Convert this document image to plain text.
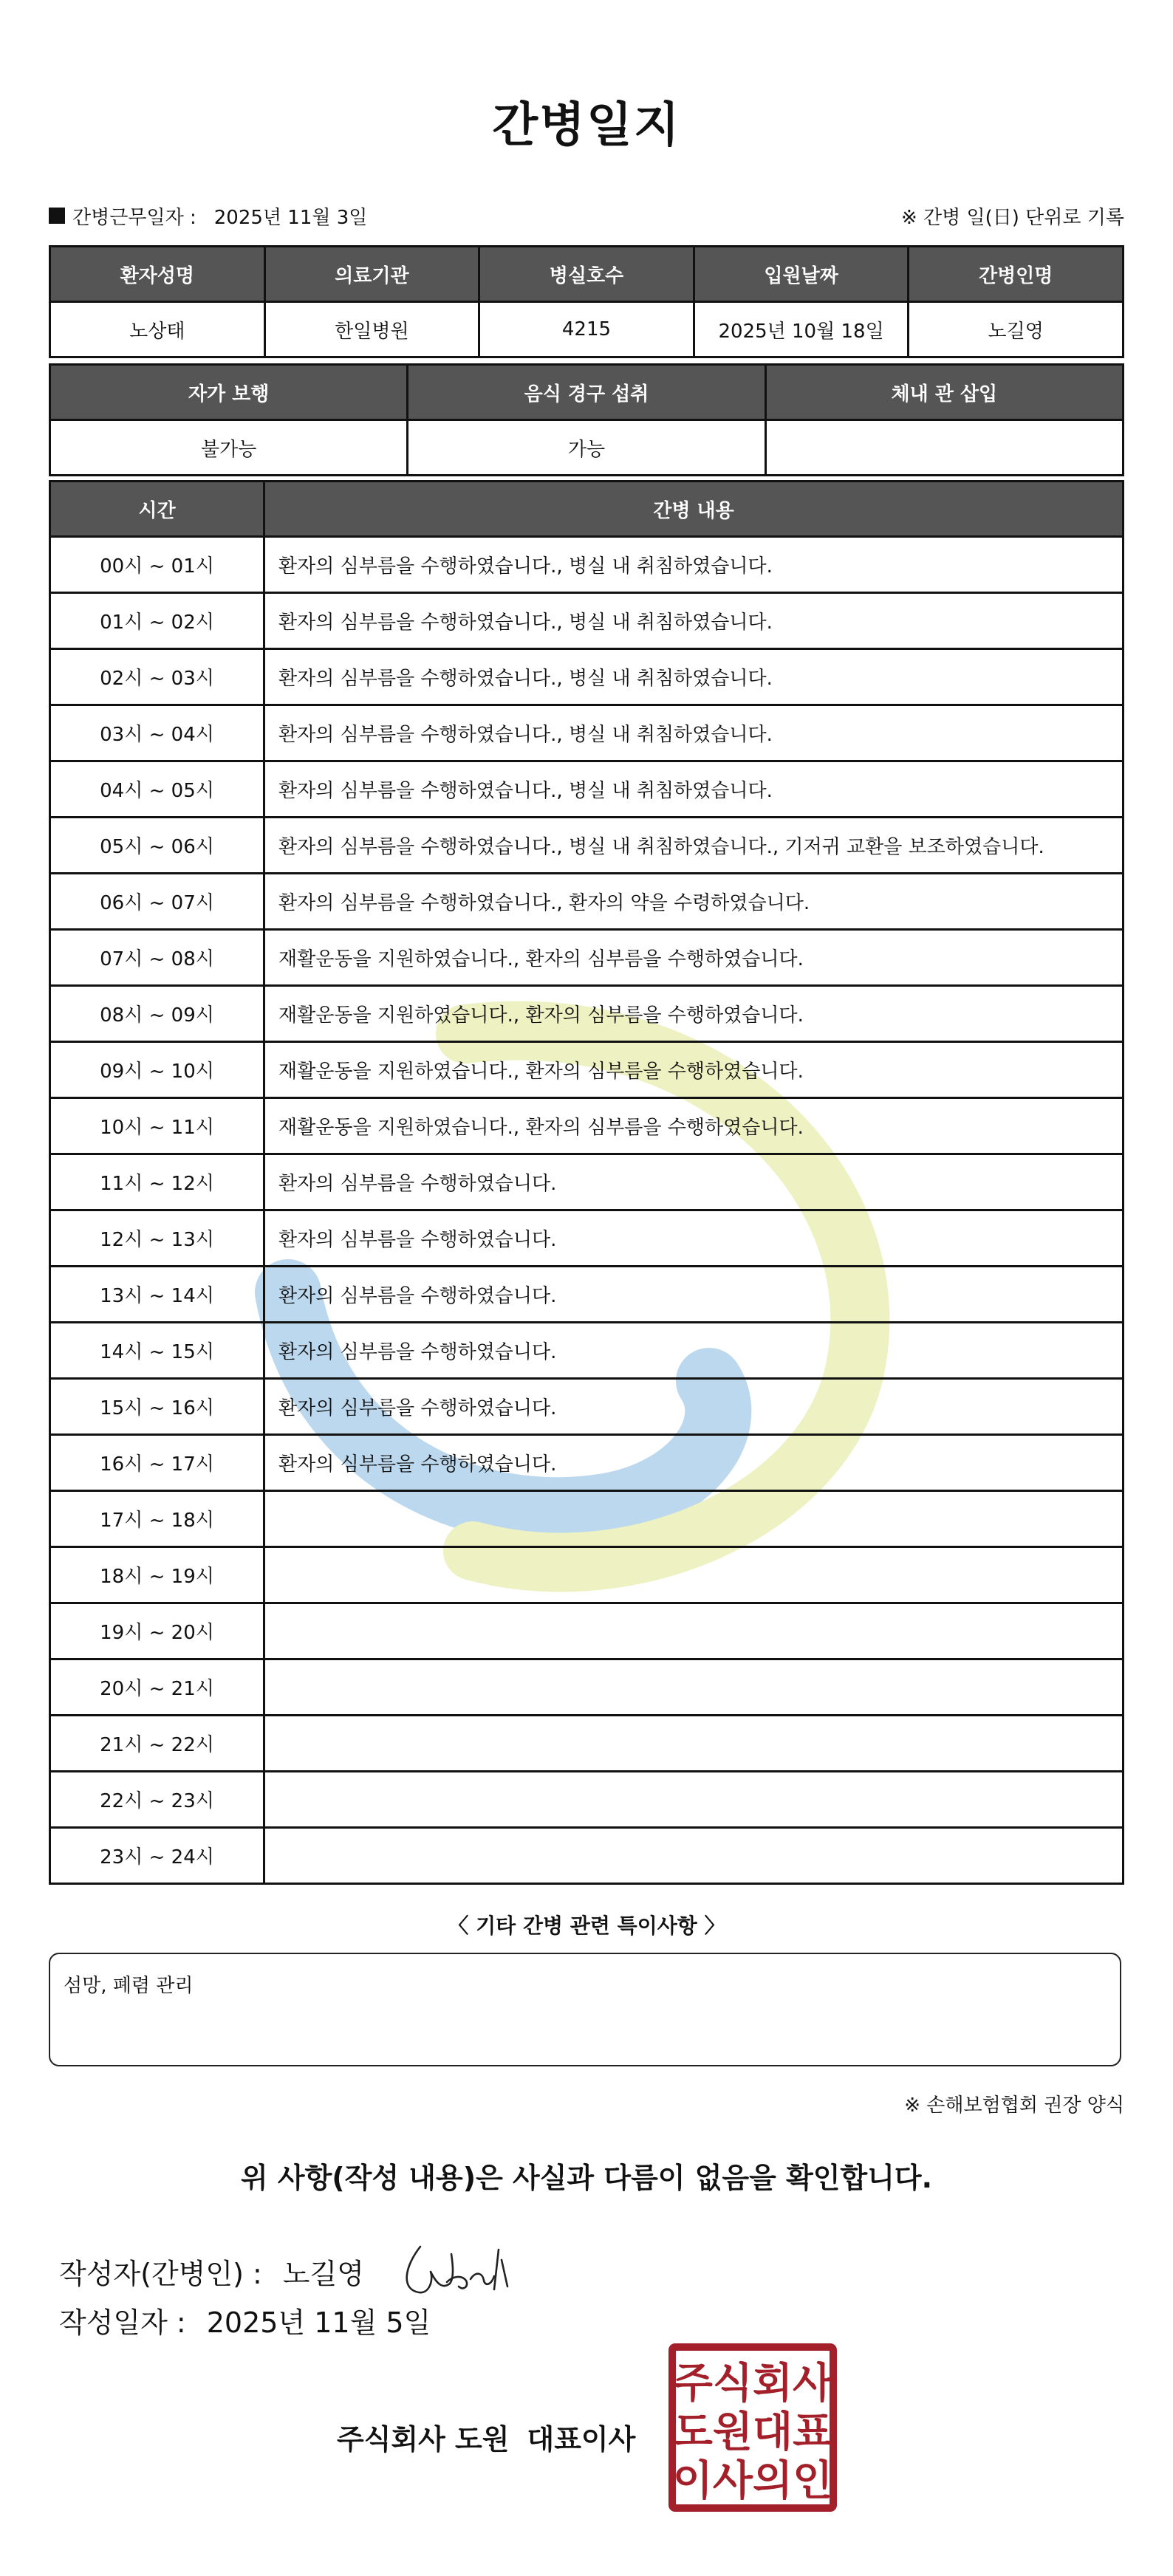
간병일지
간병근무일자 : 2025년 11월 3일	※ 간병 일(日) 단위로 기록
환자성명	의료기관	병실호수	입원날짜	간병인명
노상태	한일병원	4215	2025년 10월 18일	노길영
자가 보행	음식 경구 섭취	체내 관 삽입
불가능	가능	
시간	간병 내용
00시 ~ 01시	환자의 심부름을 수행하였습니다., 병실 내 취침하였습니다.
01시 ~ 02시	환자의 심부름을 수행하였습니다., 병실 내 취침하였습니다.
02시 ~ 03시	환자의 심부름을 수행하였습니다., 병실 내 취침하였습니다.
03시 ~ 04시	환자의 심부름을 수행하였습니다., 병실 내 취침하였습니다.
04시 ~ 05시	환자의 심부름을 수행하였습니다., 병실 내 취침하였습니다.
05시 ~ 06시	환자의 심부름을 수행하였습니다., 병실 내 취침하였습니다., 기저귀 교환을 보조하였습니다.
06시 ~ 07시	환자의 심부름을 수행하였습니다., 환자의 약을 수령하였습니다.
07시 ~ 08시	재활운동을 지원하였습니다., 환자의 심부름을 수행하였습니다.
08시 ~ 09시	재활운동을 지원하였습니다., 환자의 심부름을 수행하였습니다.
09시 ~ 10시	재활운동을 지원하였습니다., 환자의 심부름을 수행하였습니다.
10시 ~ 11시	재활운동을 지원하였습니다., 환자의 심부름을 수행하였습니다.
11시 ~ 12시	환자의 심부름을 수행하였습니다.
12시 ~ 13시	환자의 심부름을 수행하였습니다.
13시 ~ 14시	환자의 심부름을 수행하였습니다.
14시 ~ 15시	환자의 심부름을 수행하였습니다.
15시 ~ 16시	환자의 심부름을 수행하였습니다.
16시 ~ 17시	환자의 심부름을 수행하였습니다.
17시 ~ 18시	
18시 ~ 19시	
19시 ~ 20시	
20시 ~ 21시	
21시 ~ 22시	
22시 ~ 23시	
23시 ~ 24시	
〈 기타 간병 관련 특이사항 〉
섬망, 폐렴 관리
※ 손해보험협회 권장 양식
위 사항(작성 내용)은 사실과 다름이 없음을 확인합니다.
작성자(간병인) : 노길영
작성일자 : 2025년 11월 5일
주식회사 도원 대표이사
주식회사
도원대표
이사의인
